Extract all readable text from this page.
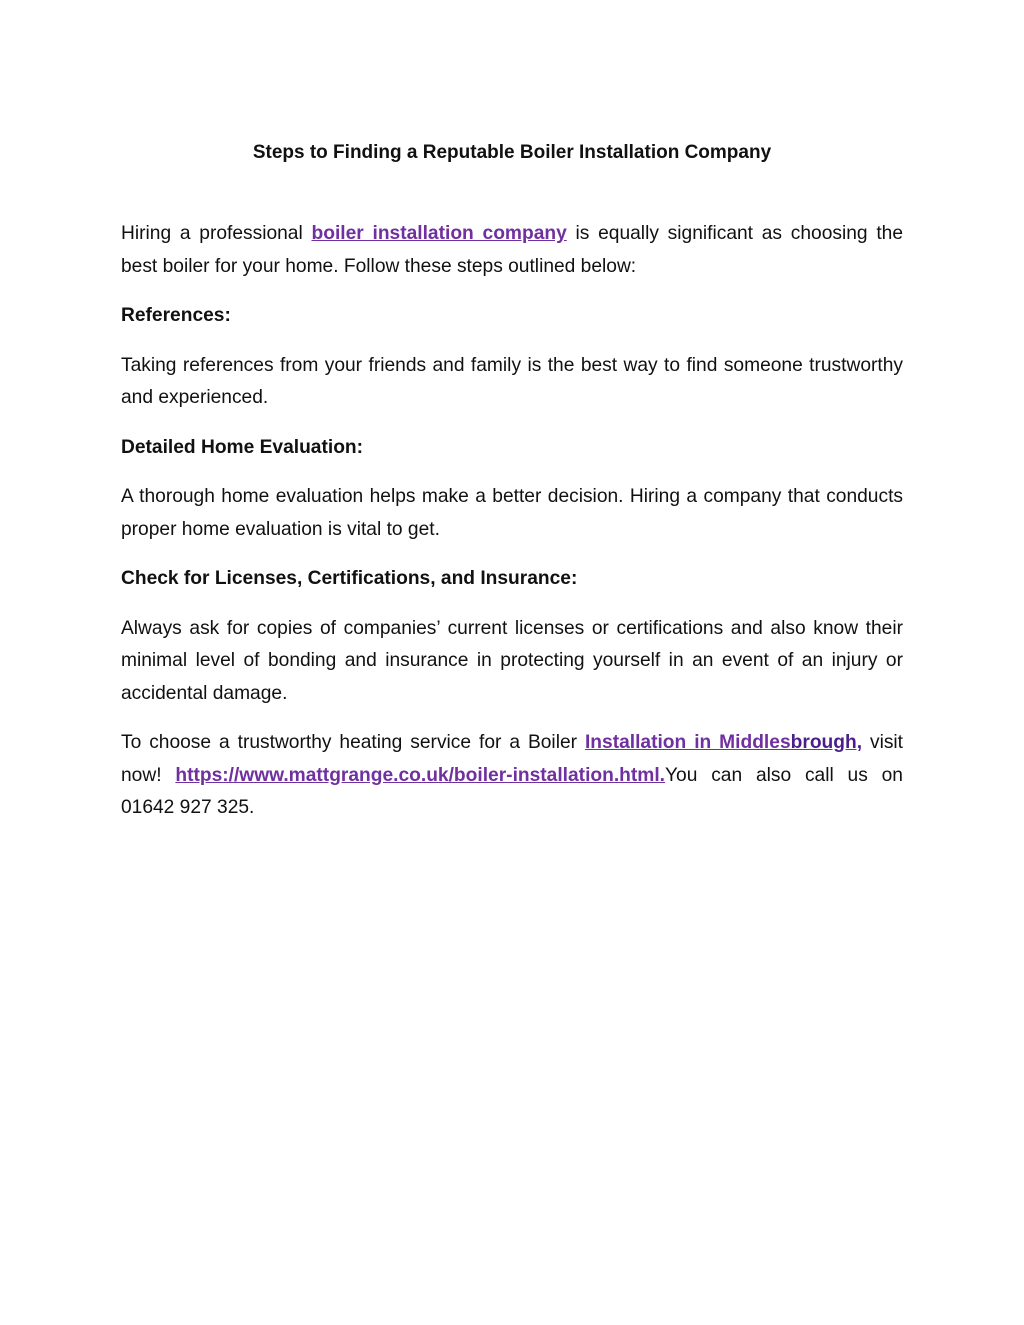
Steps to Finding a Reputable Boiler Installation Company

Hiring a professional boiler installation company is equally significant as choosing the best boiler for your home. Follow these steps outlined below:

References:

Taking references from your friends and family is the best way to find someone trustworthy and experienced.

Detailed Home Evaluation:

A thorough home evaluation helps make a better decision. Hiring a company that conducts proper home evaluation is vital to get.

Check for Licenses, Certifications, and Insurance:

Always ask for copies of companies’ current licenses or certifications and also know their minimal level of bonding and insurance in protecting yourself in an event of an injury or accidental damage.

To choose a trustworthy heating service for a Boiler Installation in Middlesbrough, visit now! https://www.mattgrange.co.uk/boiler-installation.html.You can also call us on 01642 927 325.
